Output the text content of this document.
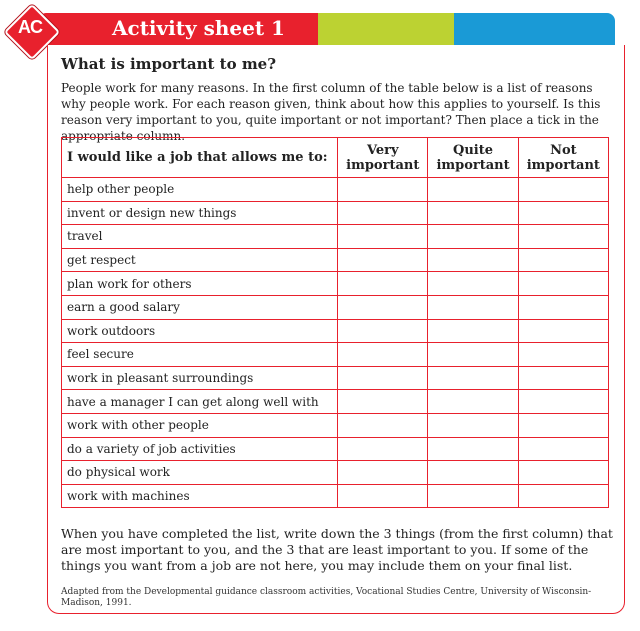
Activity sheet 1
AC
What is important to me?
People work for many reasons. In the first column of the table below is a list of reasons why people work. For each reason given, think about how this applies to yourself. Is this reason very important to you, quite important or not important? Then place a tick in the appropriate column.
I would like a job that allows me to:	Very important	Quite important	Not important
help other people			
invent or design new things			
travel			
get respect			
plan work for others			
earn a good salary			
work outdoors			
feel secure			
work in pleasant surroundings			
have a manager I can get along well with			
work with other people			
do a variety of job activities			
do physical work			
work with machines			
When you have completed the list, write down the 3 things (from the first column) that are most important to you, and the 3 that are least important to you. If some of the things you want from a job are not here, you may include them on your final list.
Adapted from the Developmental guidance classroom activities, Vocational Studies Centre, University of Wisconsin-Madison, 1991.
